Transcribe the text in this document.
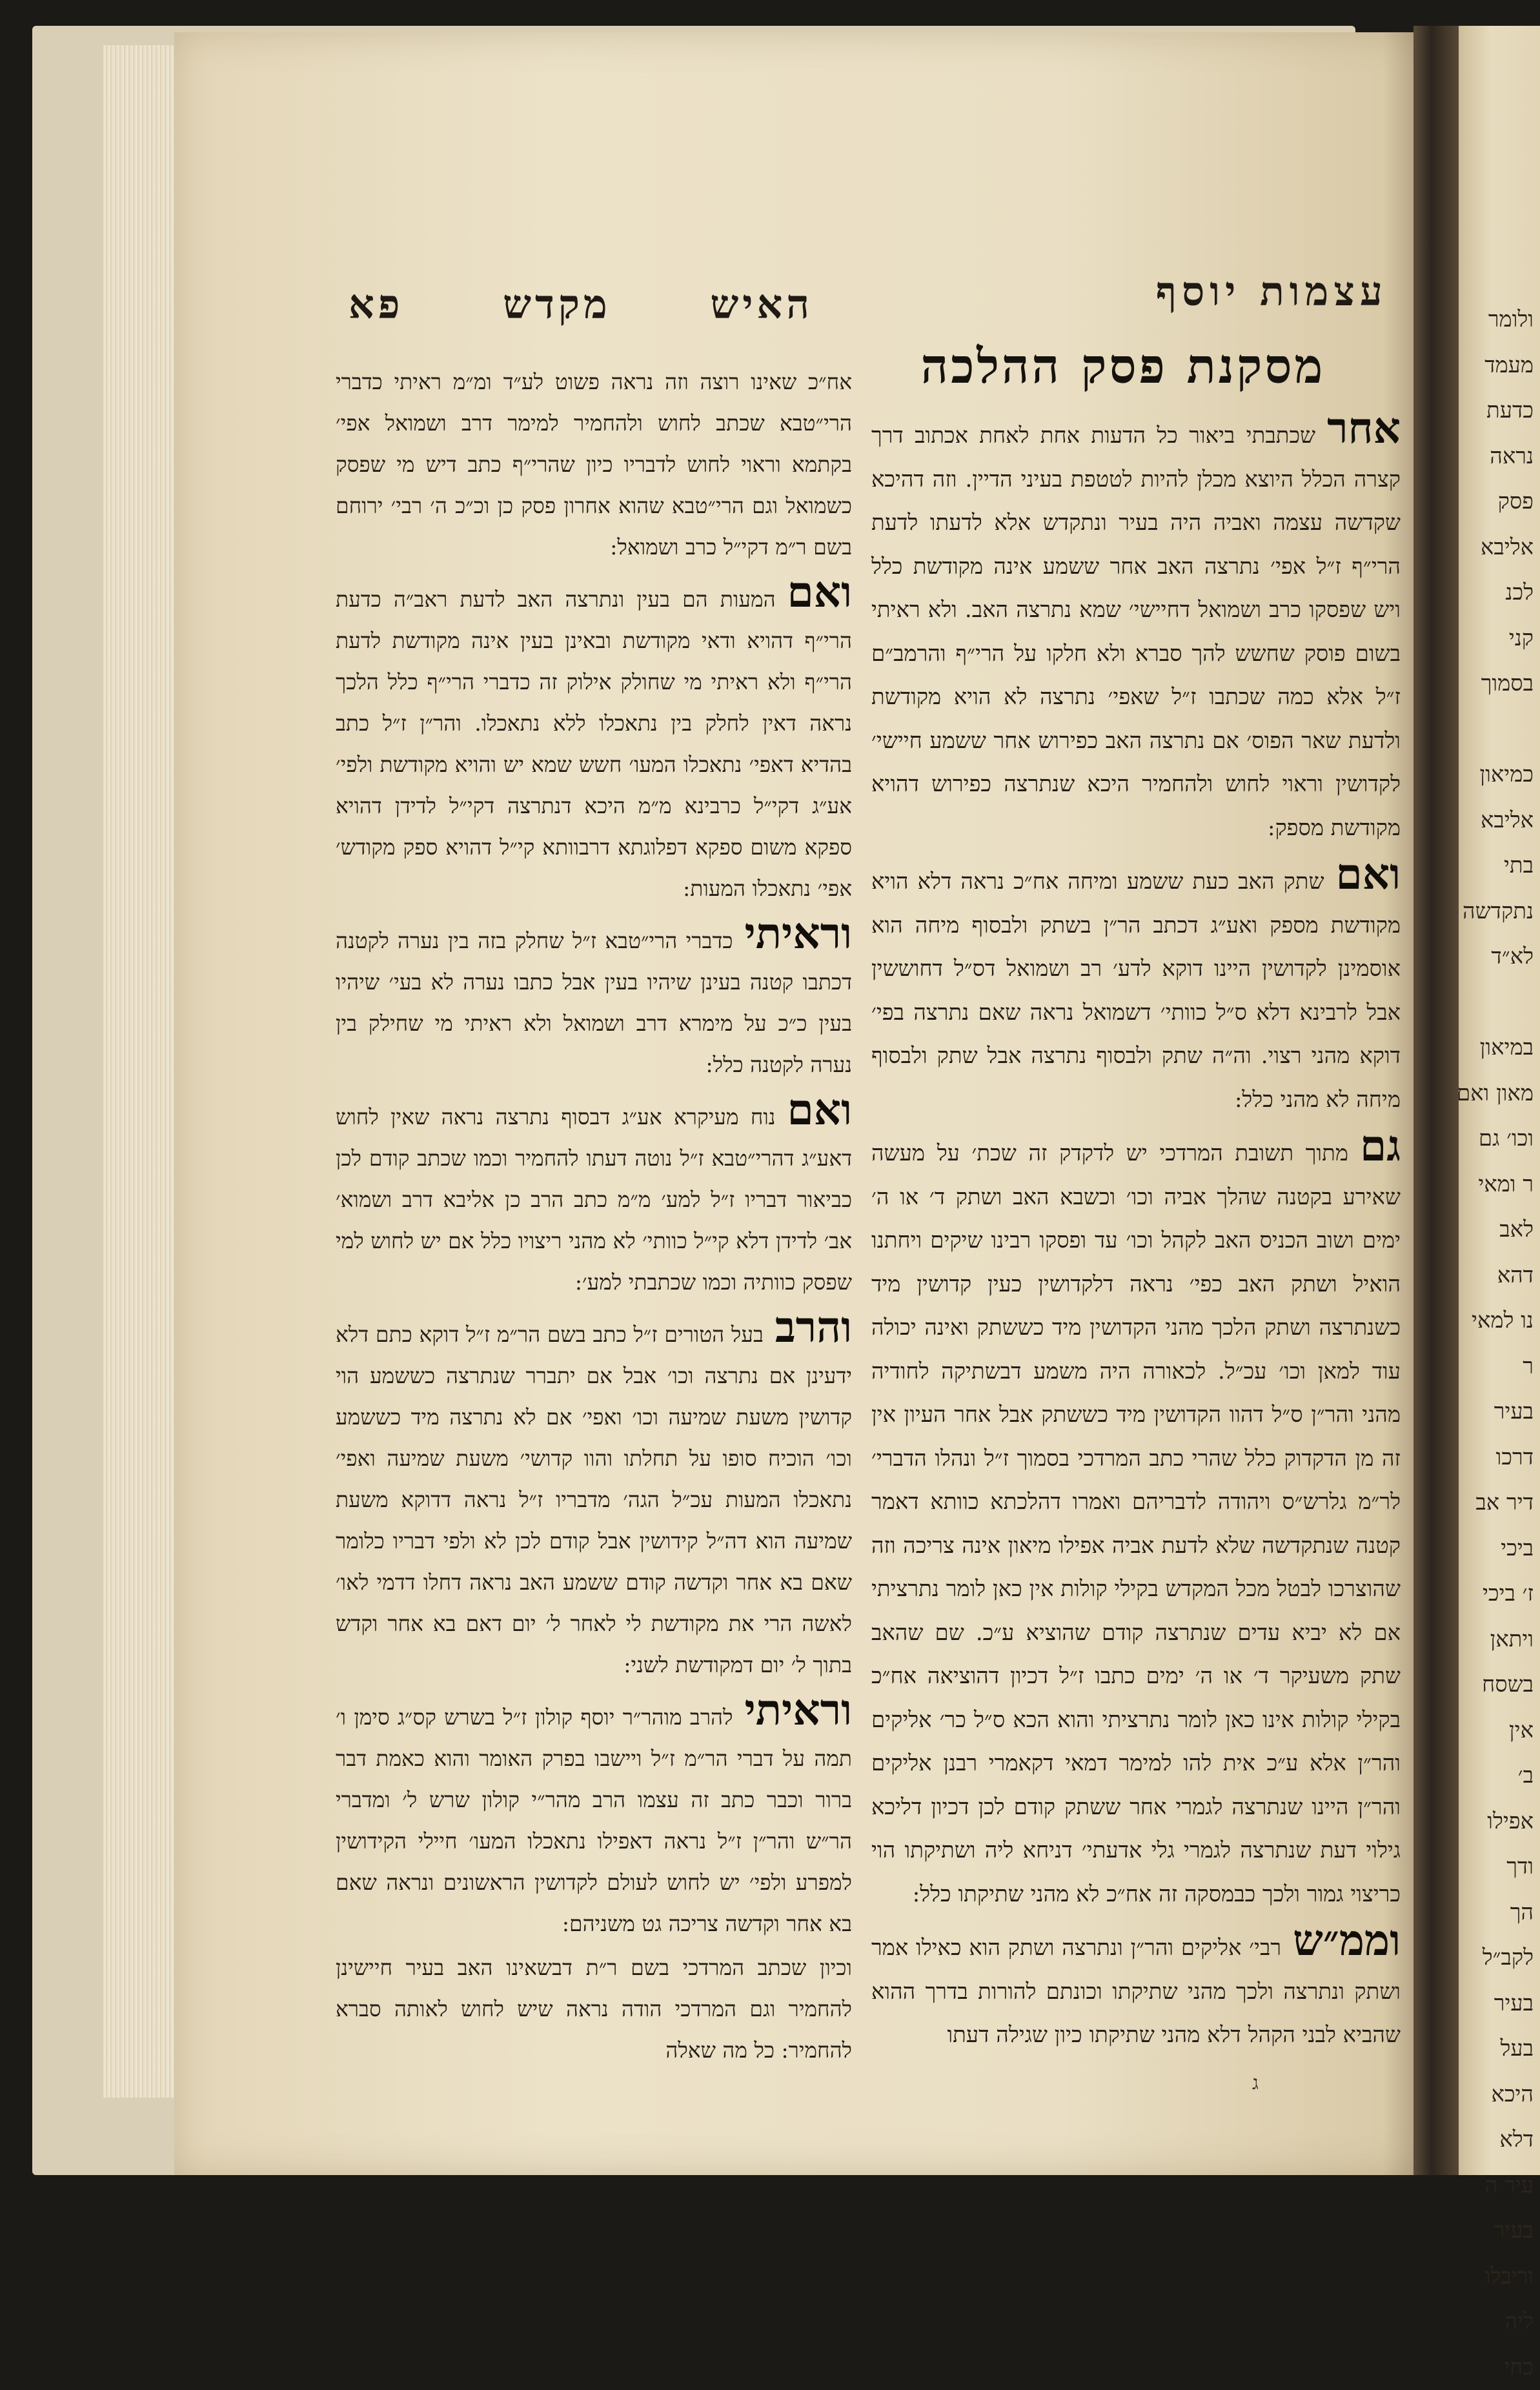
ולומר
מעמד
כדעת
נראה
פסק
אליבא
לכנ
קני
בסמוך

כמיאון
אליבא
בתי
נתקדשה
לא״ד

במיאון
מאון ואם
וכו׳ גם
ר ומאי
לאב
דהא
נו למאי
ר
בעיר
דרכו
דיר אב
ביכי
ז׳ ביכי
ויתאן
בשסח
אין
ב׳
אפילו
ודך
הך
לקב״ל
בעיר
בעל
היכא
דלא
עיר ה
בעיר
וריבלו
ליה
כחי
האיש מקדש פא	עצמות יוסף
מסקנת פסק ההלכה

אחרשכתבתי ביאור כל הדעות אחת לאחת אכתוב דרך קצרה הכלל היוצא מכלן להיות לטטפת בעיני הדיין. וזה דהיכא שקדשה עצמה ואביה היה בעיר ונתקדש אלא לדעתו לדעת הרי״ף ז״ל אפי׳ נתרצה האב אחר ששמע אינה מקודשת כלל ויש שפסקו כרב ושמואל דחיישי׳ שמא נתרצה האב. ולא ראיתי בשום פוסק שחשש להך סברא ולא חלקו על הרי״ף והרמב״ם ז״ל אלא כמה שכתבו ז״ל שאפי׳ נתרצה לא הויא מקודשת ולדעת שאר הפוס׳ אם נתרצה האב כפירוש אחר ששמע חיישי׳ לקדושין וראוי לחוש ולהחמיר היכא שנתרצה כפירוש דהויא מקודשת מספק:

ואםשתק האב כעת ששמע ומיחה אח״כ נראה דלא הויא מקודשת מספק ואע״ג דכתב הר״ן בשתק ולבסוף מיחה הוא אוסמינן לקדושין היינו דוקא לדע׳ רב ושמואל דס״ל דחוששין אבל לרבינא דלא ס״ל כוותי׳ דשמואל נראה שאם נתרצה בפי׳ דוקא מהני רצוי. וה״ה שתק ולבסוף נתרצה אבל שתק ולבסוף מיחה לא מהני כלל:

גםמתוך תשובת המרדכי יש לדקדק זה שכת׳ על מעשה שאירע בקטנה שהלך אביה וכו׳ וכשבא האב ושתק ד׳ או ה׳ ימים ושוב הכניס האב לקהל וכו׳ עד ופסקו רבינו שיקים ויחתנו הואיל ושתק האב כפי׳ נראה דלקדושין כעין קדושין מיד כשנתרצה ושתק הלכך מהני הקדושין מיד כששתק ואינה יכולה עוד למאן וכו׳ עכ״ל. לכאורה היה משמע דבשתיקה לחודיה מהני והר״ן ס״ל דהוו הקדושין מיד כששתק אבל אחר העיון אין זה מן הדקדוק כלל שהרי כתב המרדכי בסמוך ז״ל ונהלו הדברי׳ לר״מ גלרש״ס ויהודה לדבריהם ואמרו דהלכתא כוותא דאמר קטנה שנתקדשה שלא לדעת אביה אפילו מיאון אינה צריכה וזה שהוצרכו לבטל מכל המקדש בקילי קולות אין כאן לומר נתרציתי אם לא יביא עדים שנתרצה קודם שהוציא ע״כ. שם שהאב שתק משעיקר ד׳ או ה׳ ימים כתבו ז״ל דכיון דהוציאה אח״כ בקילי קולות אינו כאן לומר נתרציתי והוא הכא ס״ל כר׳ אליקים והר״ן אלא ע״כ אית להו למימר דמאי דקאמרי רבנן אליקים והר״ן היינו שנתרצה לגמרי אחר ששתק קודם לכן דכיון דליכא גילוי דעת שנתרצה לגמרי גלי אדעתי׳ דניחא ליה ושתיקתו הוי כריצוי גמור ולכך כבמסקה זה אח״כ לא מהני שתיקתו כלל:

וממ״שרבי׳ אליקים והר״ן ונתרצה ושתק הוא כאילו אמר ושתק ונתרצה ולכך מהני שתיקתו וכונתם להורות בדרך ההוא שהביא לבני הקהל דלא מהני שתיקתו כיון שגילה דעתו

אח״כ שאינו רוצה וזה נראה פשוט לע״ד ומ״מ ראיתי כדברי הרי״טבא שכתב לחוש ולהחמיר למימר דרב ושמואל אפי׳ בקתמא וראוי לחוש לדבריו כיון שהרי״ף כתב דיש מי שפסק כשמואל וגם הרי״טבא שהוא אחרון פסק כן וכ״כ ה׳ רבי׳ ירוחם בשם ר״מ דקי״ל כרב ושמואל:

ואםהמעות הם בעין ונתרצה האב לדעת ראב״ה כדעת הרי״ף דהויא ודאי מקודשת ובאינן בעין אינה מקודשת לדעת הרי״ף ולא ראיתי מי שחולק אילוק זה כדברי הרי״ף כלל הלכך נראה דאין לחלק בין נתאכלו ללא נתאכלו. והר״ן ז״ל כתב בהדיא דאפי׳ נתאכלו המעו׳ חשש שמא יש והויא מקודשת ולפי׳ אע״ג דקי״ל כרבינא מ״מ היכא דנתרצה דקי״ל לדידן דהויא ספקא משום ספקא דפלוגתא דרבוותא קי״ל דהויא ספק מקודש׳ אפי׳ נתאכלו המעות:

וראיתיכדברי הרי״טבא ז״ל שחלק בזה בין נערה לקטנה דכתבו קטנה בעינן שיהיו בעין אבל כתבו נערה לא בעי׳ שיהיו בעין כ״כ על מימרא דרב ושמואל ולא ראיתי מי שחילק בין נערה לקטנה כלל:

ואםנוח מעיקרא אע״ג דבסוף נתרצה נראה שאין לחוש דאע״ג דהרי״טבא ז״ל נוטה דעתו להחמיר וכמו שכתב קודם לכן כביאור דבריו ז״ל למע׳ מ״מ כתב הרב כן אליבא דרב ושמוא׳ אב׳ לדידן דלא קי״ל כוותי׳ לא מהני ריצויו כלל אם יש לחוש למי שפסק כוותיה וכמו שכתבתי למע׳:

והרבבעל הטורים ז״ל כתב בשם הר״מ ז״ל דוקא כתם דלא ידעינן אם נתרצה וכו׳ אבל אם יתברר שנתרצה כששמע הוי קדושין משעת שמיעה וכו׳ ואפי׳ אם לא נתרצה מיד כששמע וכו׳ הוכיח סופו על תחלתו והוו קדושי׳ משעת שמיעה ואפי׳ נתאכלו המעות עכ״ל הגה׳ מדבריו ז״ל נראה דדוקא משעת שמיעה הוא דה״ל קידושין אבל קודם לכן לא ולפי דבריו כלומר שאם בא אחר וקדשה קודם ששמע האב נראה דחלו דדמי לאו׳ לאשה הרי את מקודשת לי לאחר ל׳ יום דאם בא אחר וקדש בתוך ל׳ יום דמקודשת לשני:

וראיתילהרב מוהר״ר יוסף קולון ז״ל בשרש קס״ג סימן ו׳ תמה על דברי הר״מ ז״ל ויישבו בפרק האומר והוא כאמת דבר ברור וכבר כתב זה עצמו הרב מהר״י קולון שרש ל׳ ומדברי הר״ש והר״ן ז״ל נראה דאפילו נתאכלו המעו׳ חיילי הקידושין למפרע ולפי׳ יש לחוש לעולם לקדושין הראשונים ונראה שאם בא אחר וקדשה צריכה גט משניהם:

וכיון שכתב המרדכי בשם ר״ת דבשאינו האב בעיר חיישינן להחמיר וגם המרדכי הודה נראה שיש לחוש לאותה סברא להחמיר: כל מה שאלה

ג
